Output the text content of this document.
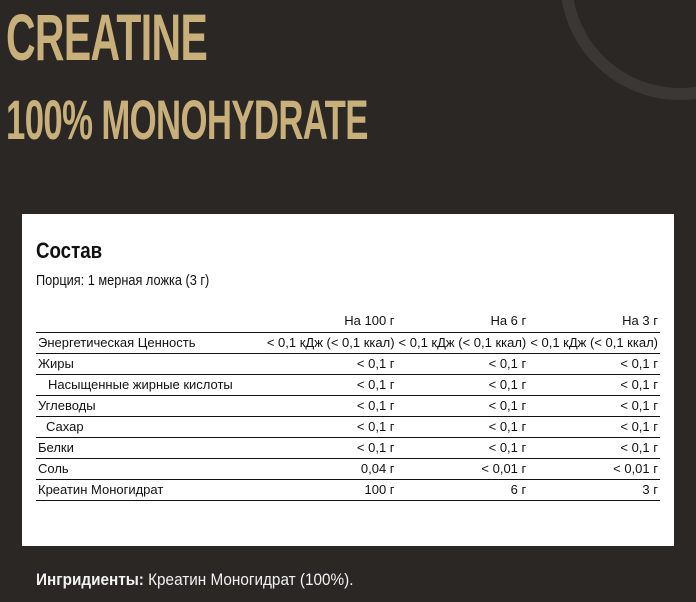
CREATINE
100% MONOHYDRATE
Состав
Порция: 1 мерная ложка (3 г)
	На 100 г	На 6 г	На 3 г
Энергетическая Ценность	< 0,1 кДж (< 0,1 ккал)	< 0,1 кДж (< 0,1 ккал)	< 0,1 кДж (< 0,1 ккал)
Жиры	< 0,1 г	< 0,1 г	< 0,1 г
Насыщенные жирные кислоты	< 0,1 г	< 0,1 г	< 0,1 г
Углеводы	< 0,1 г	< 0,1 г	< 0,1 г
Сахар	< 0,1 г	< 0,1 г	< 0,1 г
Белки	< 0,1 г	< 0,1 г	< 0,1 г
Соль	0,04 г	< 0,01 г	< 0,01 г
Креатин Моногидрат	100 г	6 г	3 г
Ингридиенты: Креатин Моногидрат (100%).
